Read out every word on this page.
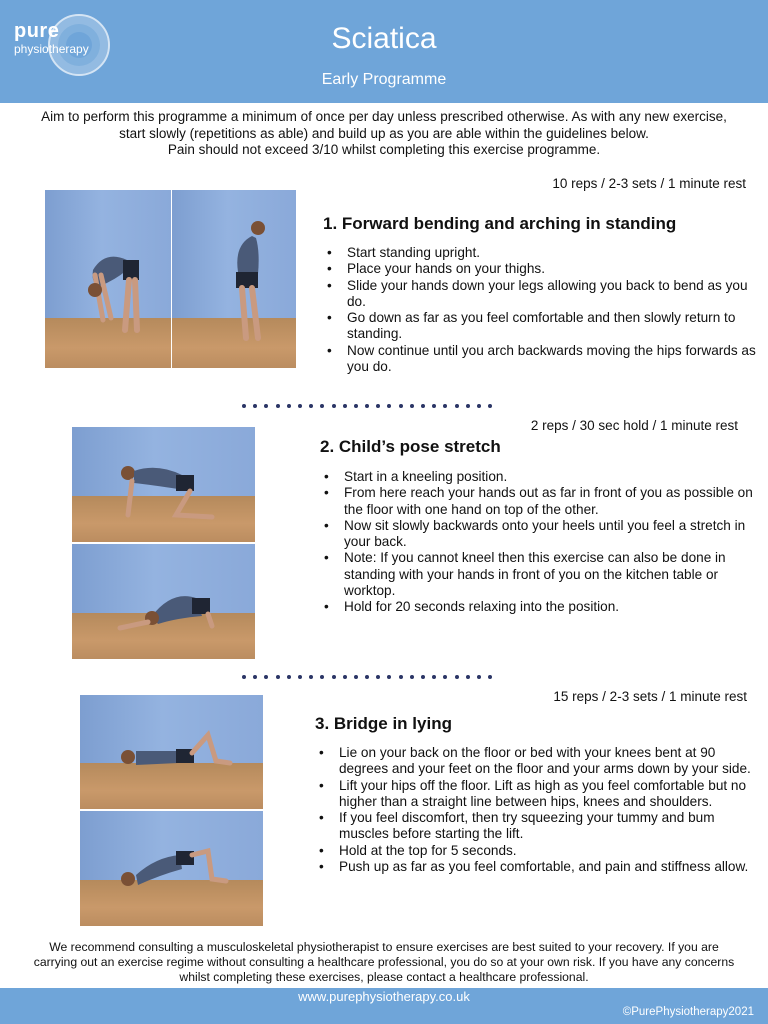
pure
physiotherapy	Sciatica
Early Programme
Aim to perform this programme a minimum of once per day unless prescribed otherwise. As with any new exercise,
start slowly (repetitions as able) and build up as you are able within the guidelines below.
Pain should not exceed 3/10 whilst completing this exercise programme.
10 reps / 2-3 sets / 1 minute rest
1. Forward bending and arching in standing
• Start standing upright.
• Place your hands on your thighs.
• Slide your hands down your legs allowing you back to bend as you do.
• Go down as far as you feel comfortable and then slowly return to standing.
• Now continue until you arch backwards moving the hips forwards as you do.
2 reps / 30 sec hold / 1 minute rest
2. Child’s pose stretch
• Start in a kneeling position.
• From here reach your hands out as far in front of you as possible on the floor with one hand on top of the other.
• Now sit slowly backwards onto your heels until you feel a stretch in your back.
• Note: If you cannot kneel then this exercise can also be done in standing with your hands in front of you on the kitchen table or worktop.
• Hold for 20 seconds relaxing into the position.
15 reps / 2-3 sets / 1 minute rest
3. Bridge in lying
• Lie on your back on the floor or bed with your knees bent at 90 degrees and your feet on the floor and your arms down by your side.
• Lift your hips off the floor. Lift as high as you feel comfortable but no higher than a straight line between hips, knees and shoulders.
• If you feel discomfort, then try squeezing your tummy and bum muscles before starting the lift.
• Hold at the top for 5 seconds.
• Push up as far as you feel comfortable, and pain and stiffness allow.
We recommend consulting a musculoskeletal physiotherapist to ensure exercises are best suited to your recovery. If you are
carrying out an exercise regime without consulting a healthcare professional, you do so at your own risk. If you have any concerns
whilst completing these exercises, please contact a healthcare professional.
www.purephysiotherapy.co.uk
©PurePhysiotherapy2021
